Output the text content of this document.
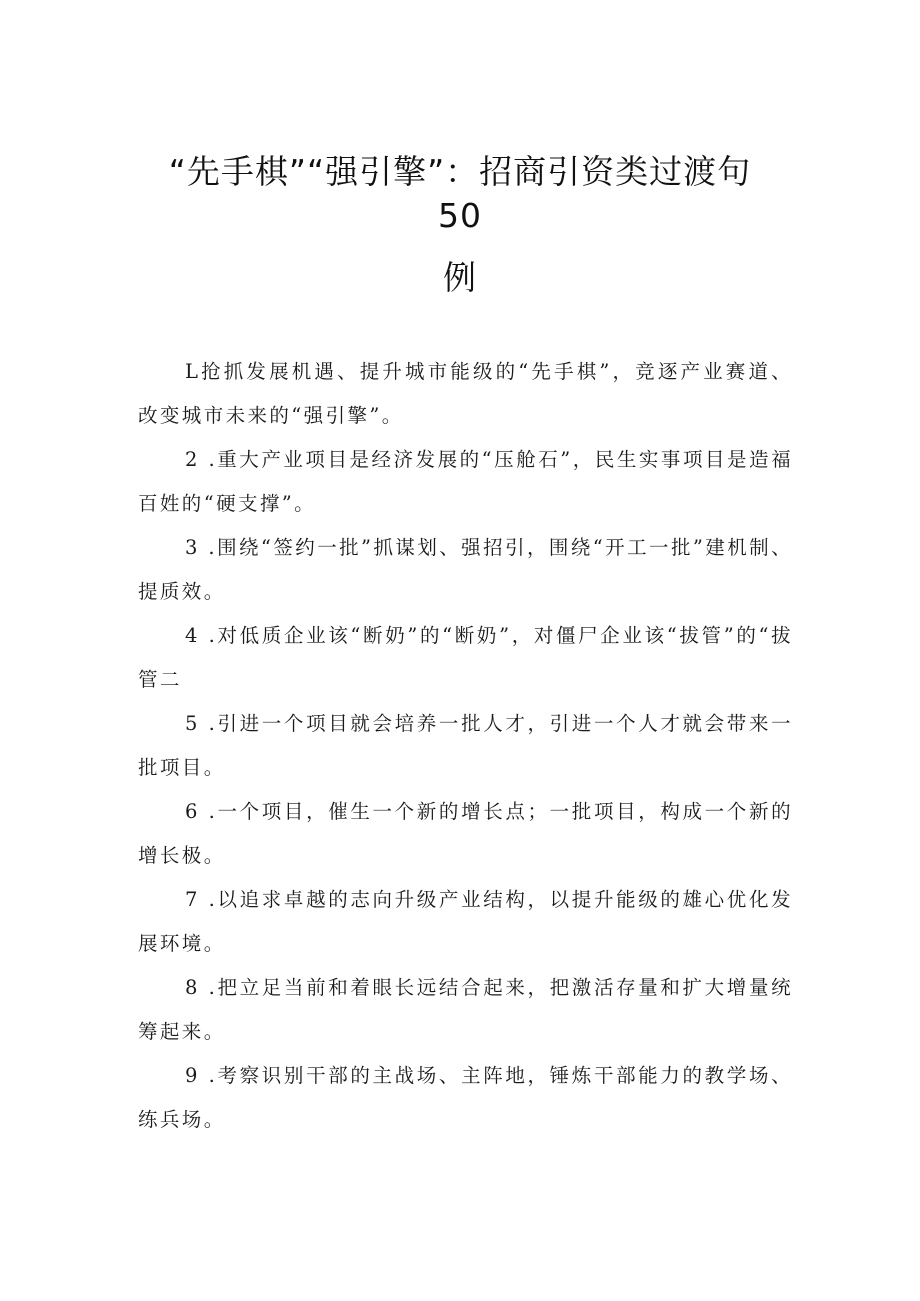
“先手棋”“强引擎”：招商引资类过渡句
50
例

L抢抓发展机遇、提升城市能级的“先手棋”，竞逐产业赛道、改变城市未来的“强引擎”。

2 .重大产业项目是经济发展的“压舱石”，民生实事项目是造福百姓的“硬支撑”。

3 .围绕“签约一批”抓谋划、强招引，围绕“开工一批”建机制、提质效。

4 .对低质企业该“断奶”的“断奶”，对僵尸企业该“拔管”的“拔管二

5 .引进一个项目就会培养一批人才，引进一个人才就会带来一批项目。

6 .一个项目，催生一个新的增长点；一批项目，构成一个新的增长极。

7 .以追求卓越的志向升级产业结构，以提升能级的雄心优化发展环境。

8 .把立足当前和着眼长远结合起来，把激活存量和扩大增量统筹起来。

9 .考察识别干部的主战场、主阵地，锤炼干部能力的教学场、练兵场。
